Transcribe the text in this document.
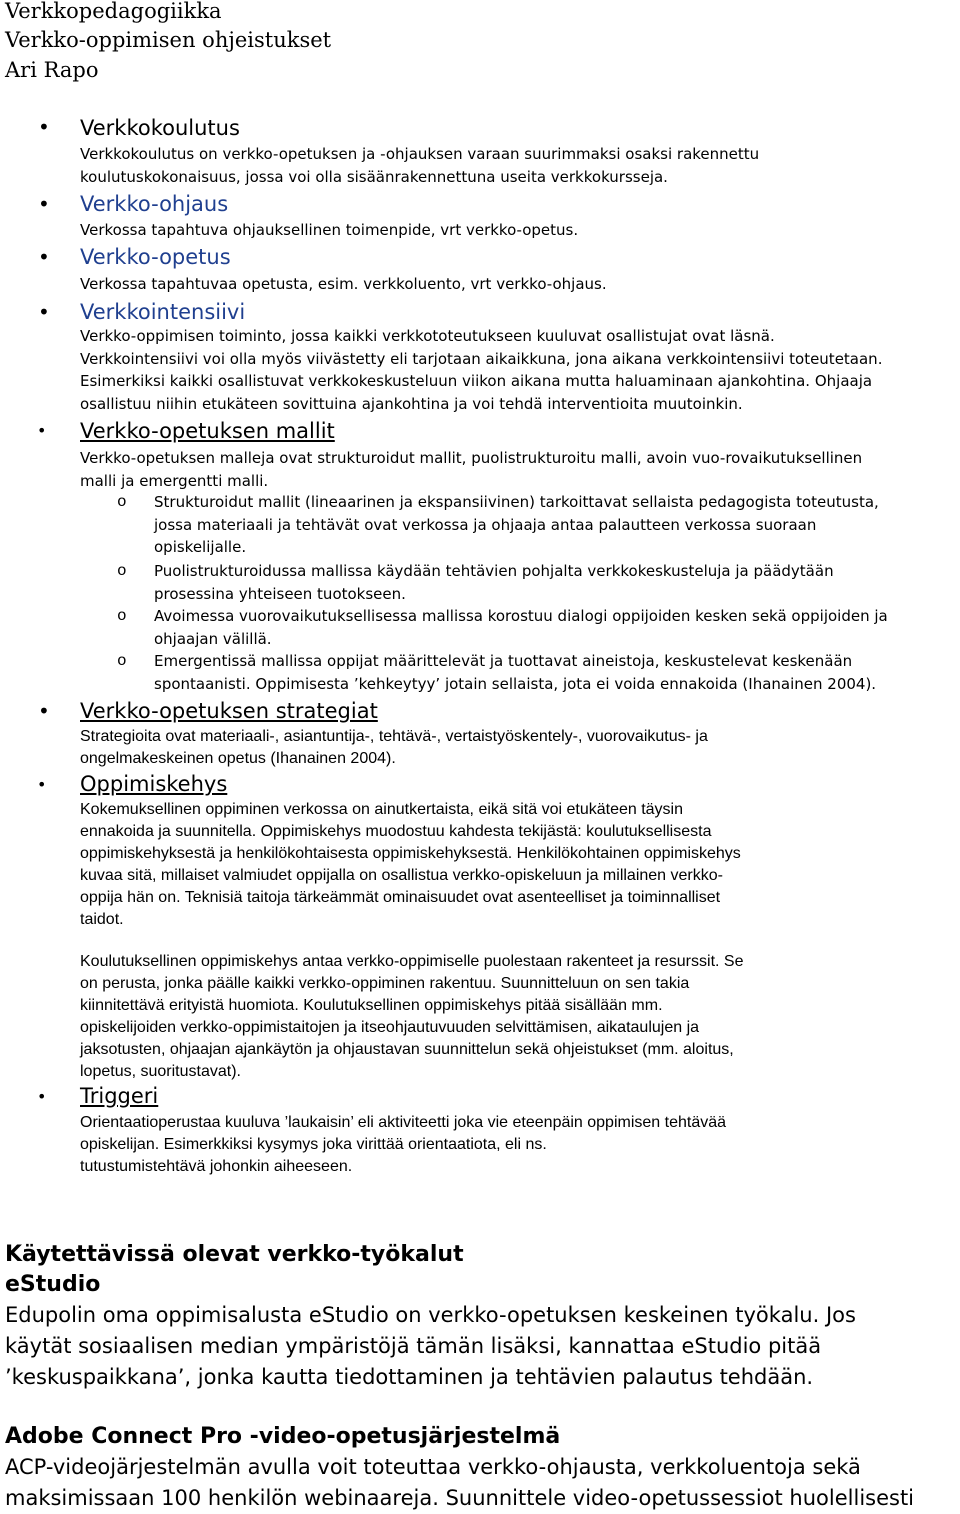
Verkkopedagogiikka
Verkko-oppimisen ohjeistukset
Ari Rapo
• Verkkokoulutus
Verkkokoulutus on verkko-opetuksen ja -ohjauksen varaan suurimmaksi osaksi rakennettu
koulutuskokonaisuus, jossa voi olla sisäänrakennettuna useita verkkokursseja.
• Verkko-ohjaus
Verkossa tapahtuva ohjauksellinen toimenpide, vrt verkko-opetus.
• Verkko-opetus
Verkossa tapahtuvaa opetusta, esim. verkkoluento, vrt verkko-ohjaus.
• Verkkointensiivi
Verkko-oppimisen toiminto, jossa kaikki verkkototeutukseen kuuluvat osallistujat ovat läsnä.
Verkkointensiivi voi olla myös viivästetty eli tarjotaan aikaikkuna, jona aikana verkkointensiivi toteutetaan.
Esimerkiksi kaikki osallistuvat verkkokeskusteluun viikon aikana mutta haluaminaan ajankohtina. Ohjaaja
osallistuu niihin etukäteen sovittuina ajankohtina ja voi tehdä interventioita muutoinkin.
• Verkko-opetuksen mallit
Verkko-opetuksen malleja ovat strukturoidut mallit, puolistrukturoitu malli, avoin vuo-rovaikutuksellinen
malli ja emergentti malli.
o Strukturoidut mallit (lineaarinen ja ekspansiivinen) tarkoittavat sellaista pedagogista toteutusta,
jossa materiaali ja tehtävät ovat verkossa ja ohjaaja antaa palautteen verkossa suoraan
opiskelijalle.
o Puolistrukturoidussa mallissa käydään tehtävien pohjalta verkkokeskusteluja ja päädytään
prosessina yhteiseen tuotokseen.
o Avoimessa vuorovaikutuksellisessa mallissa korostuu dialogi oppijoiden kesken sekä oppijoiden ja
ohjaajan välillä.
o Emergentissä mallissa oppijat määrittelevät ja tuottavat aineistoja, keskustelevat keskenään
spontaanisti. Oppimisesta ’kehkeytyy’ jotain sellaista, jota ei voida ennakoida (Ihanainen 2004).
• Verkko-opetuksen strategiat
Strategioita ovat materiaali-, asiantuntija-, tehtävä-, vertaistyöskentely-, vuorovaikutus- ja
ongelmakeskeinen opetus (Ihanainen 2004).
• Oppimiskehys
Kokemuksellinen oppiminen verkossa on ainutkertaista, eikä sitä voi etukäteen täysin
ennakoida ja suunnitella. Oppimiskehys muodostuu kahdesta tekijästä: koulutuksellisesta
oppimiskehyksestä ja henkilökohtaisesta oppimiskehyksestä. Henkilökohtainen oppimiskehys
kuvaa sitä, millaiset valmiudet oppijalla on osallistua verkko-opiskeluun ja millainen verkko-
oppija hän on. Teknisiä taitoja tärkeämmät ominaisuudet ovat asenteelliset ja toiminnalliset
taidot.
Koulutuksellinen oppimiskehys antaa verkko-oppimiselle puolestaan rakenteet ja resurssit. Se
on perusta, jonka päälle kaikki verkko-oppiminen rakentuu. Suunnitteluun on sen takia
kiinnitettävä erityistä huomiota. Koulutuksellinen oppimiskehys pitää sisällään mm.
opiskelijoiden verkko-oppimistaitojen ja itseohjautuvuuden selvittämisen, aikataulujen ja
jaksotusten, ohjaajan ajankäytön ja ohjaustavan suunnittelun sekä ohjeistukset (mm. aloitus,
lopetus, suoritustavat).
• Triggeri
Orientaatioperustaa kuuluva ’laukaisin’ eli aktiviteetti joka vie eteenpäin oppimisen tehtävää
opiskelijan. Esimerkkiksi kysymys joka virittää orientaatiota, eli ns.
tutustumistehtävä johonkin aiheeseen.
Käytettävissä olevat verkko-työkalut
eStudio
Edupolin oma oppimisalusta eStudio on verkko-opetuksen keskeinen työkalu. Jos
käytät sosiaalisen median ympäristöjä tämän lisäksi, kannattaa eStudio pitää
’keskuspaikkana’, jonka kautta tiedottaminen ja tehtävien palautus tehdään.
Adobe Connect Pro -video-opetusjärjestelmä
ACP-videojärjestelmän avulla voit toteuttaa verkko-ohjausta, verkkoluentoja sekä
maksimissaan 100 henkilön webinaareja. Suunnittele video-opetussessiot huolellisesti
